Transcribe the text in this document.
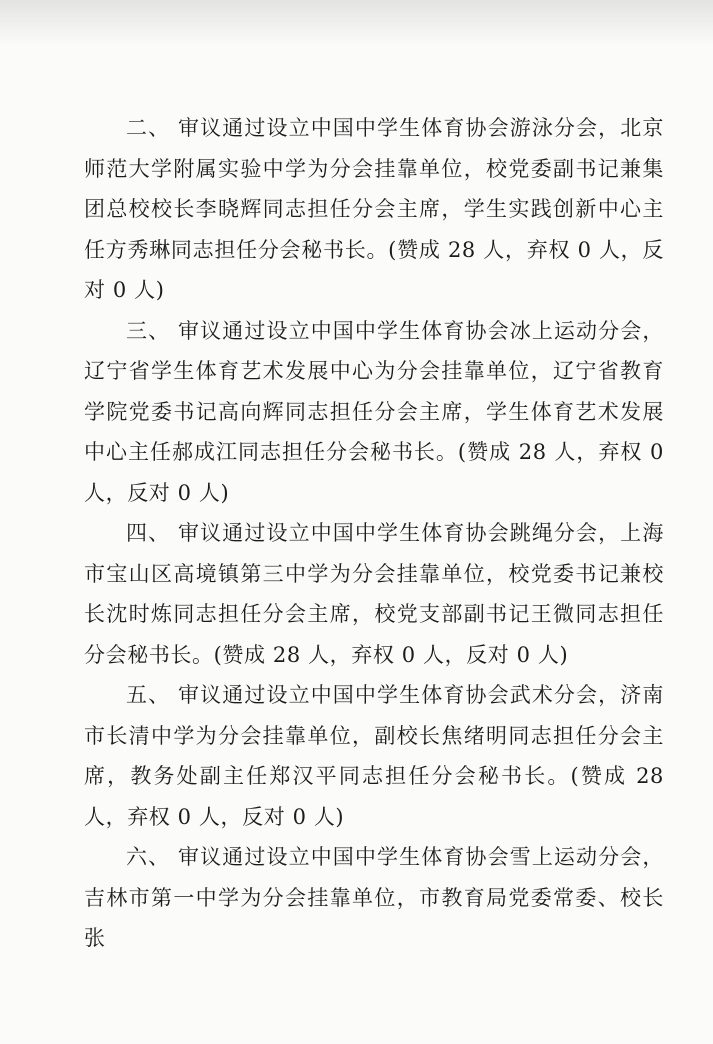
二、 审议通过设立中国中学生体育协会游泳分会，北京师范大学附属实验中学为分会挂靠单位，校党委副书记兼集团总校校长李晓辉同志担任分会主席，学生实践创新中心主任方秀琳同志担任分会秘书长。(赞成 28 人，弃权 0 人，反对 0 人)

三、 审议通过设立中国中学生体育协会冰上运动分会，辽宁省学生体育艺术发展中心为分会挂靠单位，辽宁省教育学院党委书记高向辉同志担任分会主席，学生体育艺术发展中心主任郝成江同志担任分会秘书长。(赞成 28 人，弃权 0 人，反对 0 人)

四、 审议通过设立中国中学生体育协会跳绳分会，上海市宝山区高境镇第三中学为分会挂靠单位，校党委书记兼校长沈时炼同志担任分会主席，校党支部副书记王微同志担任分会秘书长。(赞成 28 人，弃权 0 人，反对 0 人)

五、 审议通过设立中国中学生体育协会武术分会，济南市长清中学为分会挂靠单位，副校长焦绪明同志担任分会主席，教务处副主任郑汉平同志担任分会秘书长。(赞成 28 人，弃权 0 人，反对 0 人)

六、 审议通过设立中国中学生体育协会雪上运动分会，吉林市第一中学为分会挂靠单位，市教育局党委常委、校长张
